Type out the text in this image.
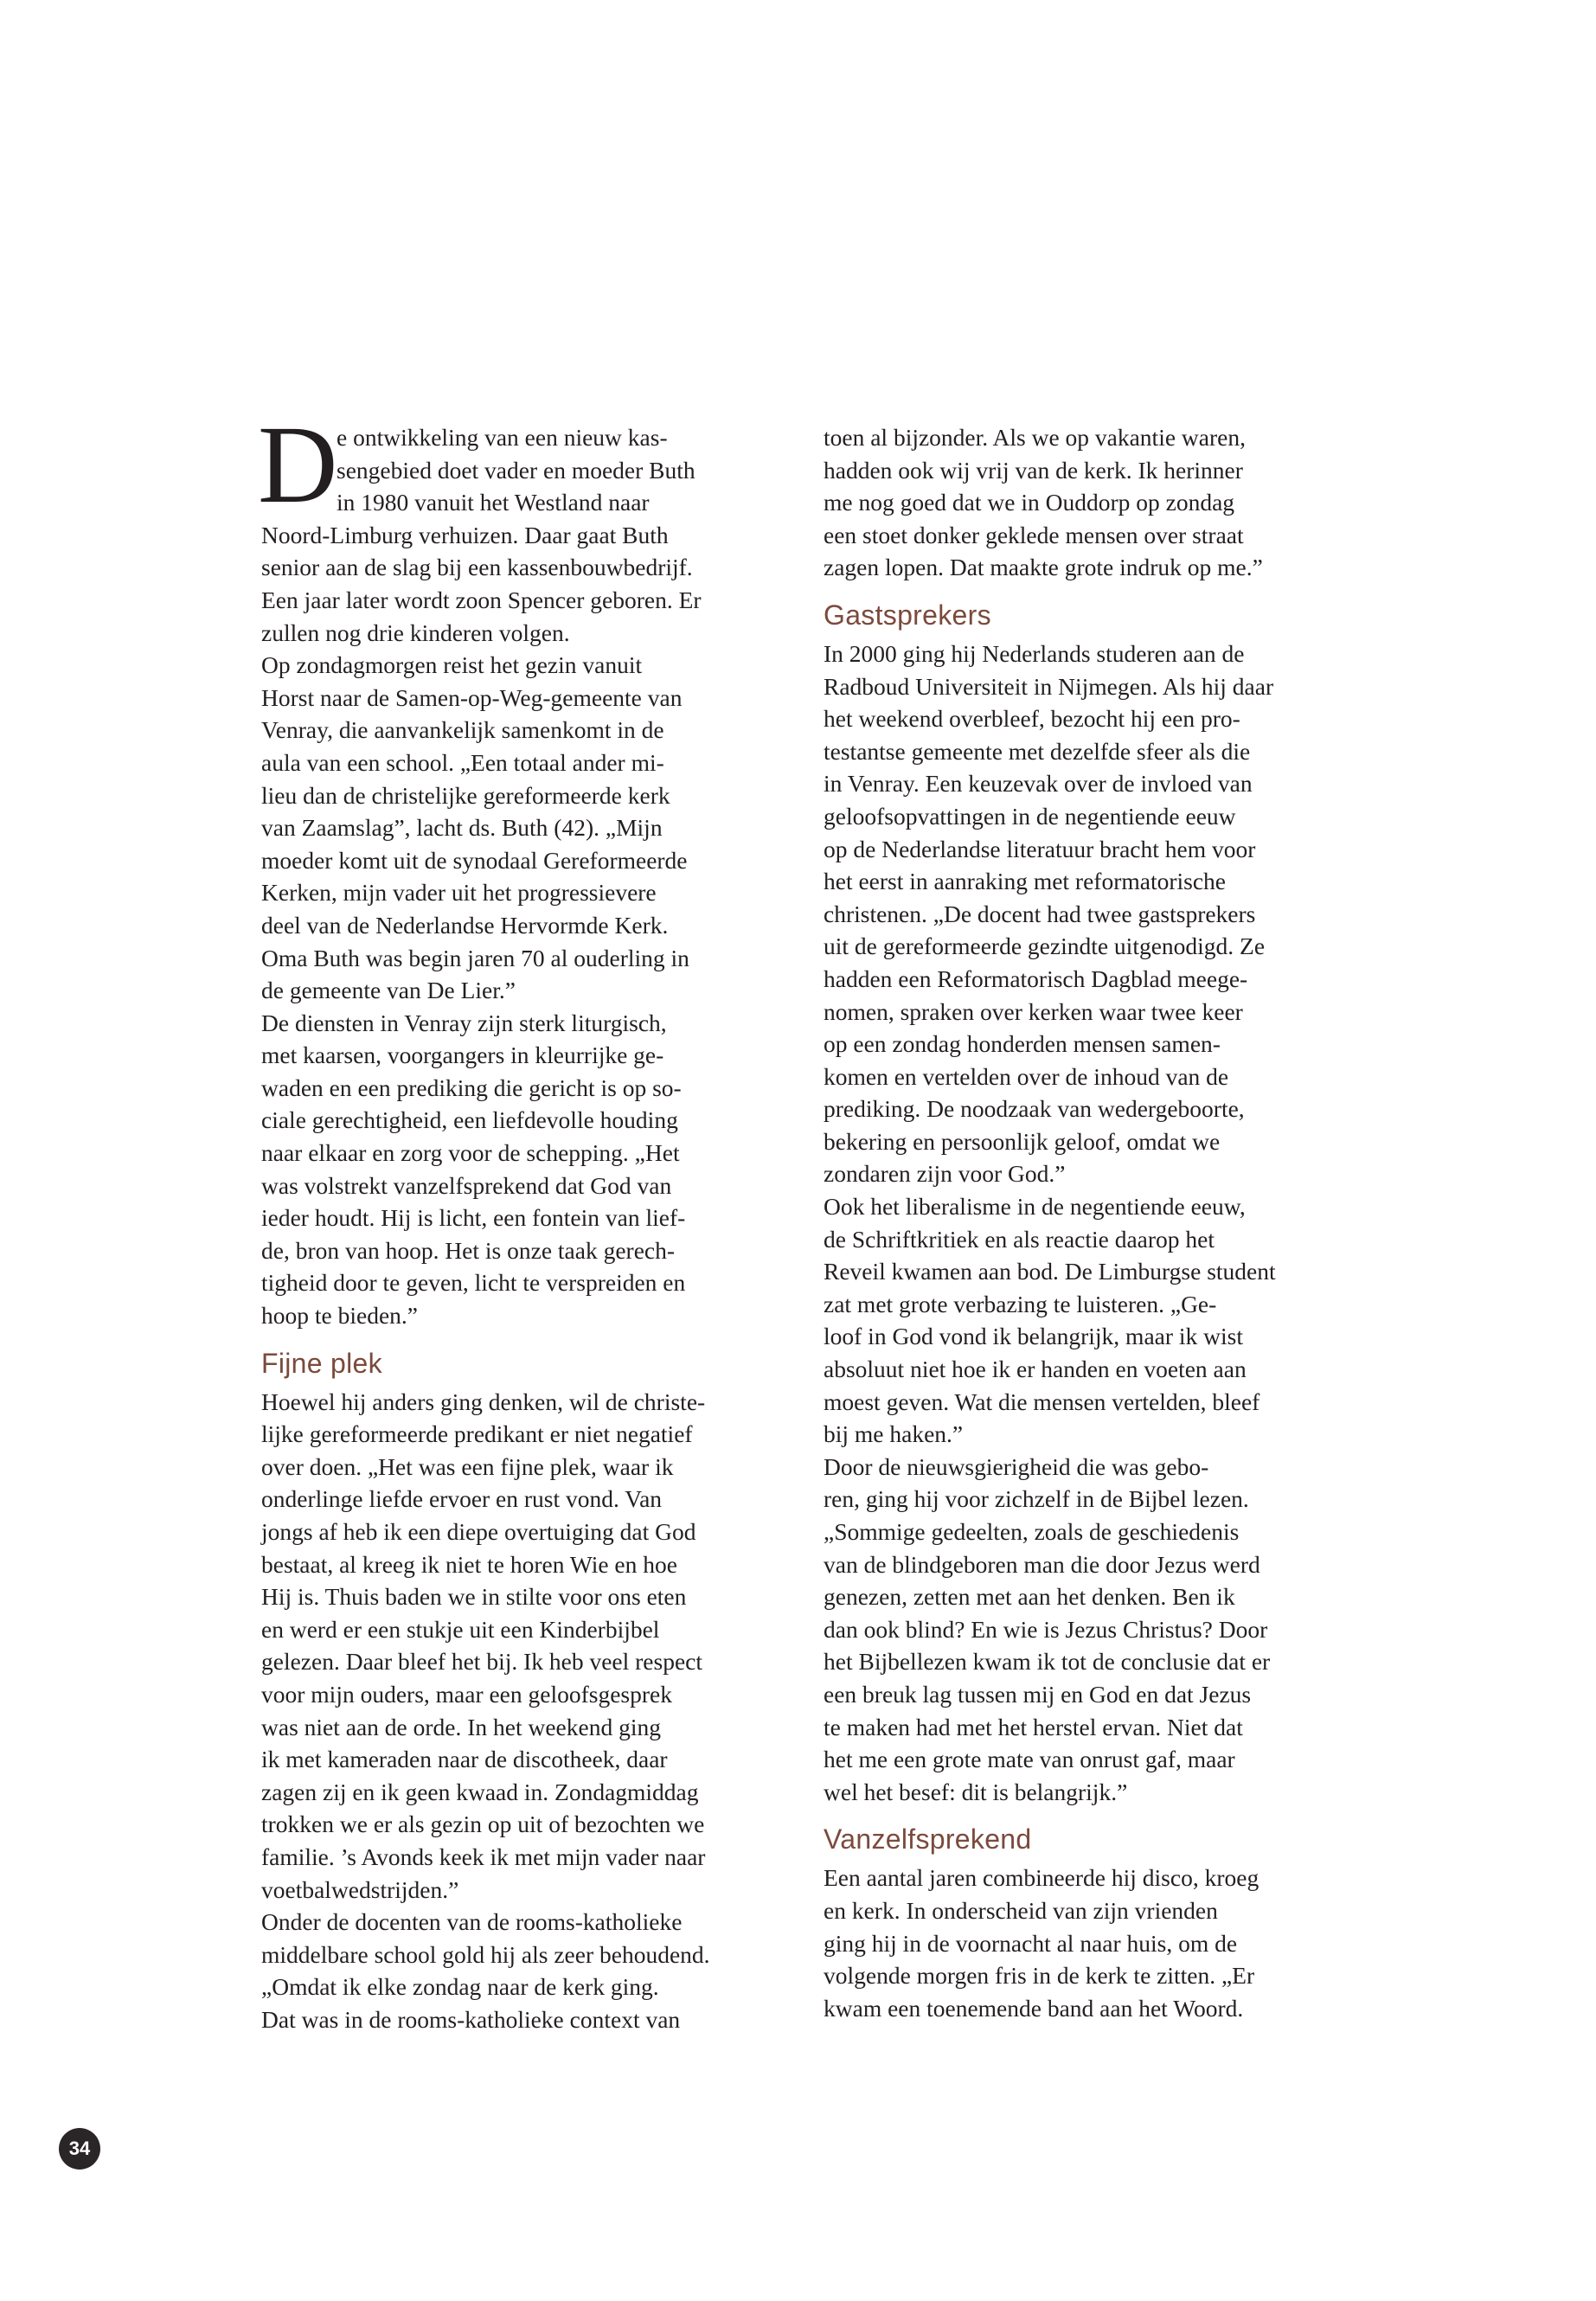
D

e ontwikkeling van een nieuw kas-

sengebied doet vader en moeder Buth

in 1980 vanuit het Westland naar

Noord-Limburg verhuizen. Daar gaat Buth

senior aan de slag bij een kassenbouwbedrijf.

Een jaar later wordt zoon Spencer geboren. Er

zullen nog drie kinderen volgen.

Op zondagmorgen reist het gezin vanuit

Horst naar de Samen-op-Weg-gemeente van

Venray, die aanvankelijk samenkomt in de

aula van een school. „Een totaal ander mi-

lieu dan de christelijke gereformeerde kerk

van Zaamslag”, lacht ds. Buth (42). „Mijn

moeder komt uit de synodaal Gereformeerde

Kerken, mijn vader uit het progressievere

deel van de Nederlandse Hervormde Kerk.

Oma Buth was begin jaren 70 al ouderling in

de gemeente van De Lier.”

De diensten in Venray zijn sterk liturgisch,

met kaarsen, voorgangers in kleurrijke ge-

waden en een prediking die gericht is op so-

ciale gerechtigheid, een liefdevolle houding

naar elkaar en zorg voor de schepping. „Het

was volstrekt vanzelfsprekend dat God van

ieder houdt. Hij is licht, een fontein van lief-

de, bron van hoop. Het is onze taak gerech-

tigheid door te geven, licht te verspreiden en

hoop te bieden.”

Fijne plek

Hoewel hij anders ging denken, wil de christe-

lijke gereformeerde predikant er niet negatief

over doen. „Het was een fijne plek, waar ik

onderlinge liefde ervoer en rust vond. Van

jongs af heb ik een diepe overtuiging dat God

bestaat, al kreeg ik niet te horen Wie en hoe

Hij is. Thuis baden we in stilte voor ons eten

en werd er een stukje uit een Kinderbijbel

gelezen. Daar bleef het bij. Ik heb veel respect

voor mijn ouders, maar een geloofsgesprek

was niet aan de orde. In het weekend ging

ik met kameraden naar de discotheek, daar

zagen zij en ik geen kwaad in. Zondagmiddag

trokken we er als gezin op uit of bezochten we

familie. ’s Avonds keek ik met mijn vader naar

voetbalwedstrijden.”

Onder de docenten van de rooms-katholieke

middelbare school gold hij als zeer behoudend.

„Omdat ik elke zondag naar de kerk ging.

Dat was in de rooms-katholieke context van

toen al bijzonder. Als we op vakantie waren,

hadden ook wij vrij van de kerk. Ik herinner

me nog goed dat we in Ouddorp op zondag

een stoet donker geklede mensen over straat

zagen lopen. Dat maakte grote indruk op me.”

Gastsprekers

In 2000 ging hij Nederlands studeren aan de

Radboud Universiteit in Nijmegen. Als hij daar

het weekend overbleef, bezocht hij een pro-

testantse gemeente met dezelfde sfeer als die

in Venray. Een keuzevak over de invloed van

geloofsopvattingen in de negentiende eeuw

op de Nederlandse literatuur bracht hem voor

het eerst in aanraking met reformatorische

christenen. „De docent had twee gastsprekers

uit de gereformeerde gezindte uitgenodigd. Ze

hadden een Reformatorisch Dagblad meege-

nomen, spraken over kerken waar twee keer

op een zondag honderden mensen samen-

komen en vertelden over de inhoud van de

prediking. De noodzaak van wedergeboorte,

bekering en persoonlijk geloof, omdat we

zondaren zijn voor God.”

Ook het liberalisme in de negentiende eeuw,

de Schriftkritiek en als reactie daarop het

Reveil kwamen aan bod. De Limburgse student

zat met grote verbazing te luisteren. „Ge-

loof in God vond ik belangrijk, maar ik wist

absoluut niet hoe ik er handen en voeten aan

moest geven. Wat die mensen vertelden, bleef

bij me haken.”

Door de nieuwsgierigheid die was gebo-

ren, ging hij voor zichzelf in de Bijbel lezen.

„Sommige gedeelten, zoals de geschiedenis

van de blindgeboren man die door Jezus werd

genezen, zetten met aan het denken. Ben ik

dan ook blind? En wie is Jezus Christus? Door

het Bijbellezen kwam ik tot de conclusie dat er

een breuk lag tussen mij en God en dat Jezus

te maken had met het herstel ervan. Niet dat

het me een grote mate van onrust gaf, maar

wel het besef: dit is belangrijk.”

Vanzelfsprekend

Een aantal jaren combineerde hij disco, kroeg

en kerk. In onderscheid van zijn vrienden

ging hij in de voornacht al naar huis, om de

volgende morgen fris in de kerk te zitten. „Er

kwam een toenemende band aan het Woord.

34
